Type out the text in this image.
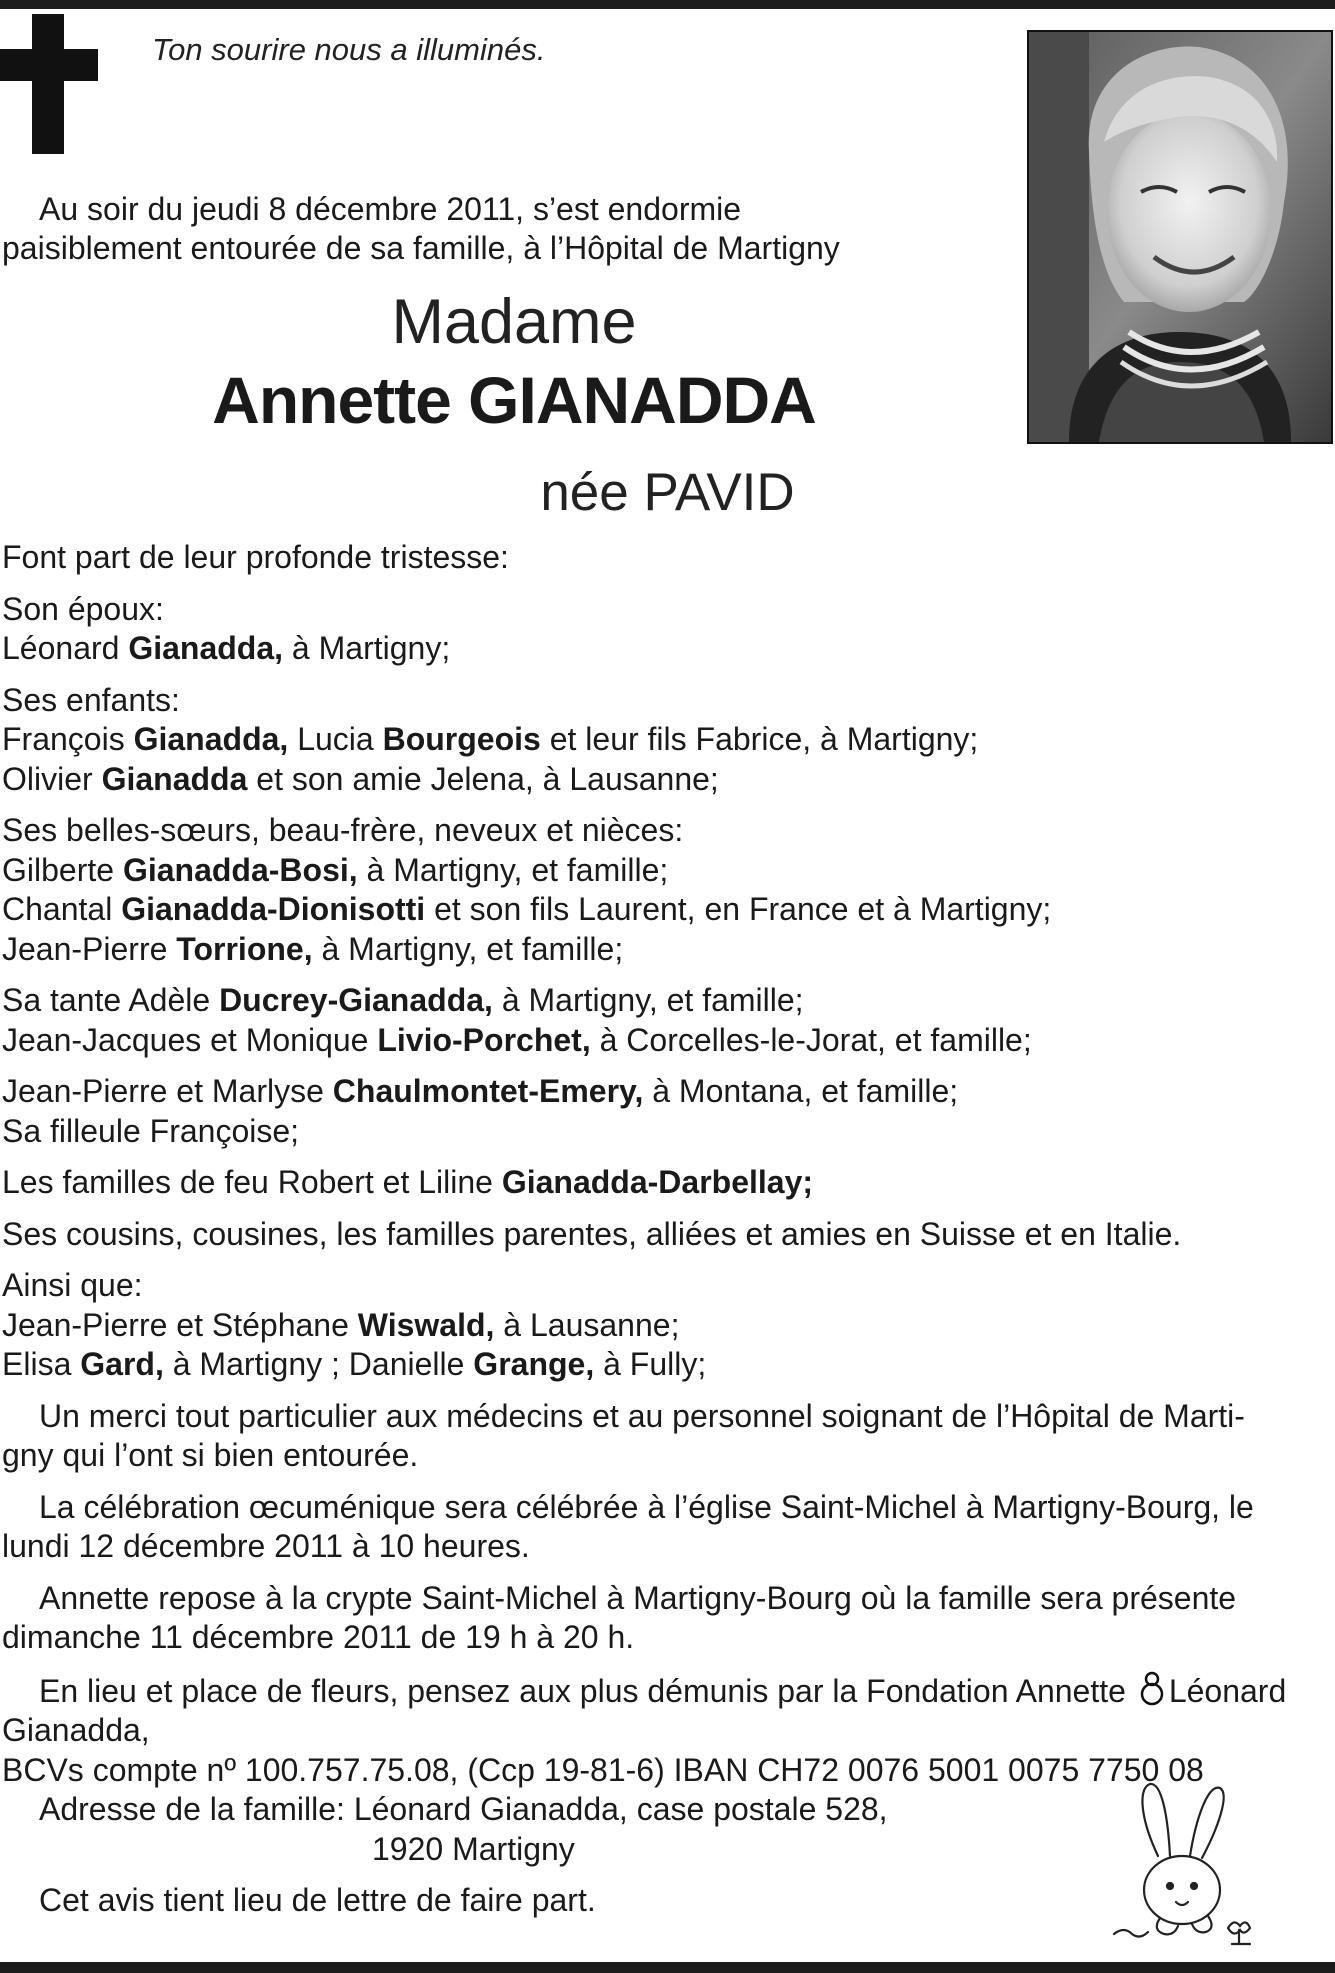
Ton sourire nous a illuminés.
Au soir du jeudi 8 décembre 2011, s’est endormie
paisiblement entourée de sa famille, à l’Hôpital de Martigny
Madame
Annette GIANADDA
née PAVID
Font part de leur profonde tristesse:
Son époux:
Léonard Gianadda, à Martigny;
Ses enfants:
François Gianadda, Lucia Bourgeois et leur fils Fabrice, à Martigny;
Olivier Gianadda et son amie Jelena, à Lausanne;
Ses belles-sœurs, beau-frère, neveux et nièces:
Gilberte Gianadda-Bosi, à Martigny, et famille;
Chantal Gianadda-Dionisotti et son fils Laurent, en France et à Martigny;
Jean-Pierre Torrione, à Martigny, et famille;
Sa tante Adèle Ducrey-Gianadda, à Martigny, et famille;
Jean-Jacques et Monique Livio-Porchet, à Corcelles-le-Jorat, et famille;
Jean-Pierre et Marlyse Chaulmontet-Emery, à Montana, et famille;
Sa filleule Françoise;
Les familles de feu Robert et Liline Gianadda-Darbellay;
Ses cousins, cousines, les familles parentes, alliées et amies en Suisse et en Italie.
Ainsi que:
Jean-Pierre et Stéphane Wiswald, à Lausanne;
Elisa Gard, à Martigny ; Danielle Grange, à Fully;
Un merci tout particulier aux médecins et au personnel soignant de l’Hôpital de Marti-
gny qui l’ont si bien entourée.
La célébration œcuménique sera célébrée à l’église Saint-Michel à Martigny-Bourg, le
lundi 12 décembre 2011 à 10 heures.
Annette repose à la crypte Saint-Michel à Martigny-Bourg où la famille sera présente
dimanche 11 décembre 2011 de 19 h à 20 h.
En lieu et place de fleurs, pensez aux plus démunis par la Fondation Annette Léonard
Gianadda,
BCVs compte nº 100.757.75.08, (Ccp 19-81-6) IBAN CH72 0076 5001 0075 7750 08
Adresse de la famille: Léonard Gianadda, case postale 528,
1920 Martigny
Cet avis tient lieu de lettre de faire part.
